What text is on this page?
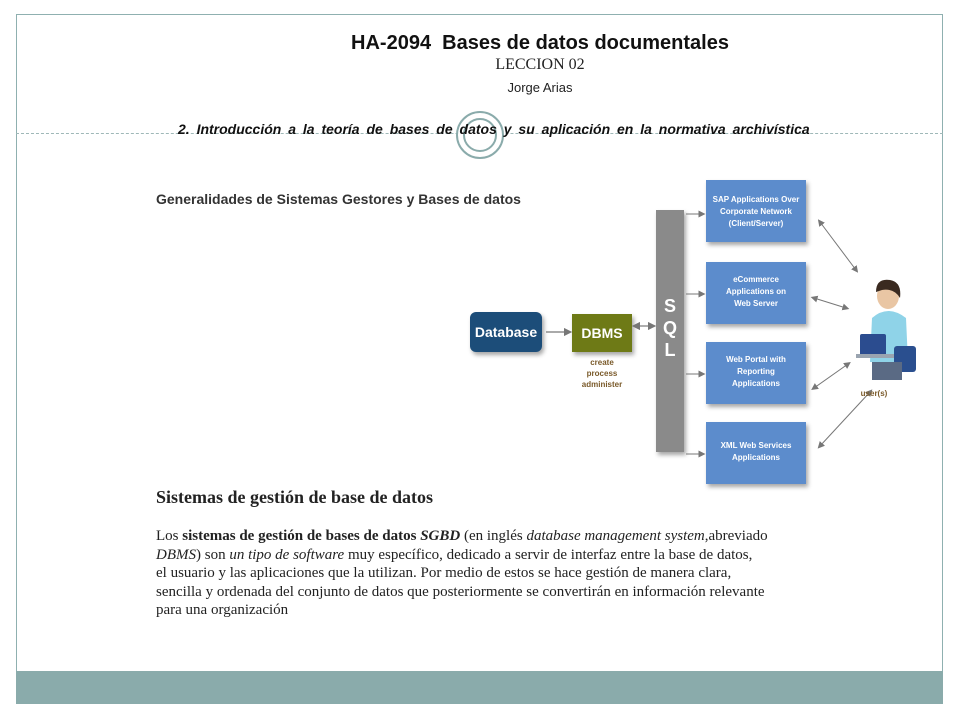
HA-2094  Bases de datos documentales
LECCION 02
Jorge Arias
2. Introducción a la teoría de bases de datos y su aplicación en la normativa archivística
Generalidades de Sistemas Gestores y Bases de datos
Database	DBMS
create
process
administer
S
Q
L
SAP Applications Over
Corporate Network
(Client/Server)
eCommerce
Applications on
Web Server
Web Portal with
Reporting
Applications
XML Web Services
Applications
user(s)
Sistemas de gestión de base de datos
Los sistemas de gestión de bases de datos SGBD (en inglés database management system,abreviado
DBMS) son un tipo de software muy específico, dedicado a servir de interfaz entre la base de datos,
el usuario y las aplicaciones que la utilizan. Por medio de estos se hace gestión de manera clara,
sencilla y ordenada del conjunto de datos que posteriormente se convertirán en información relevante
para una organización
